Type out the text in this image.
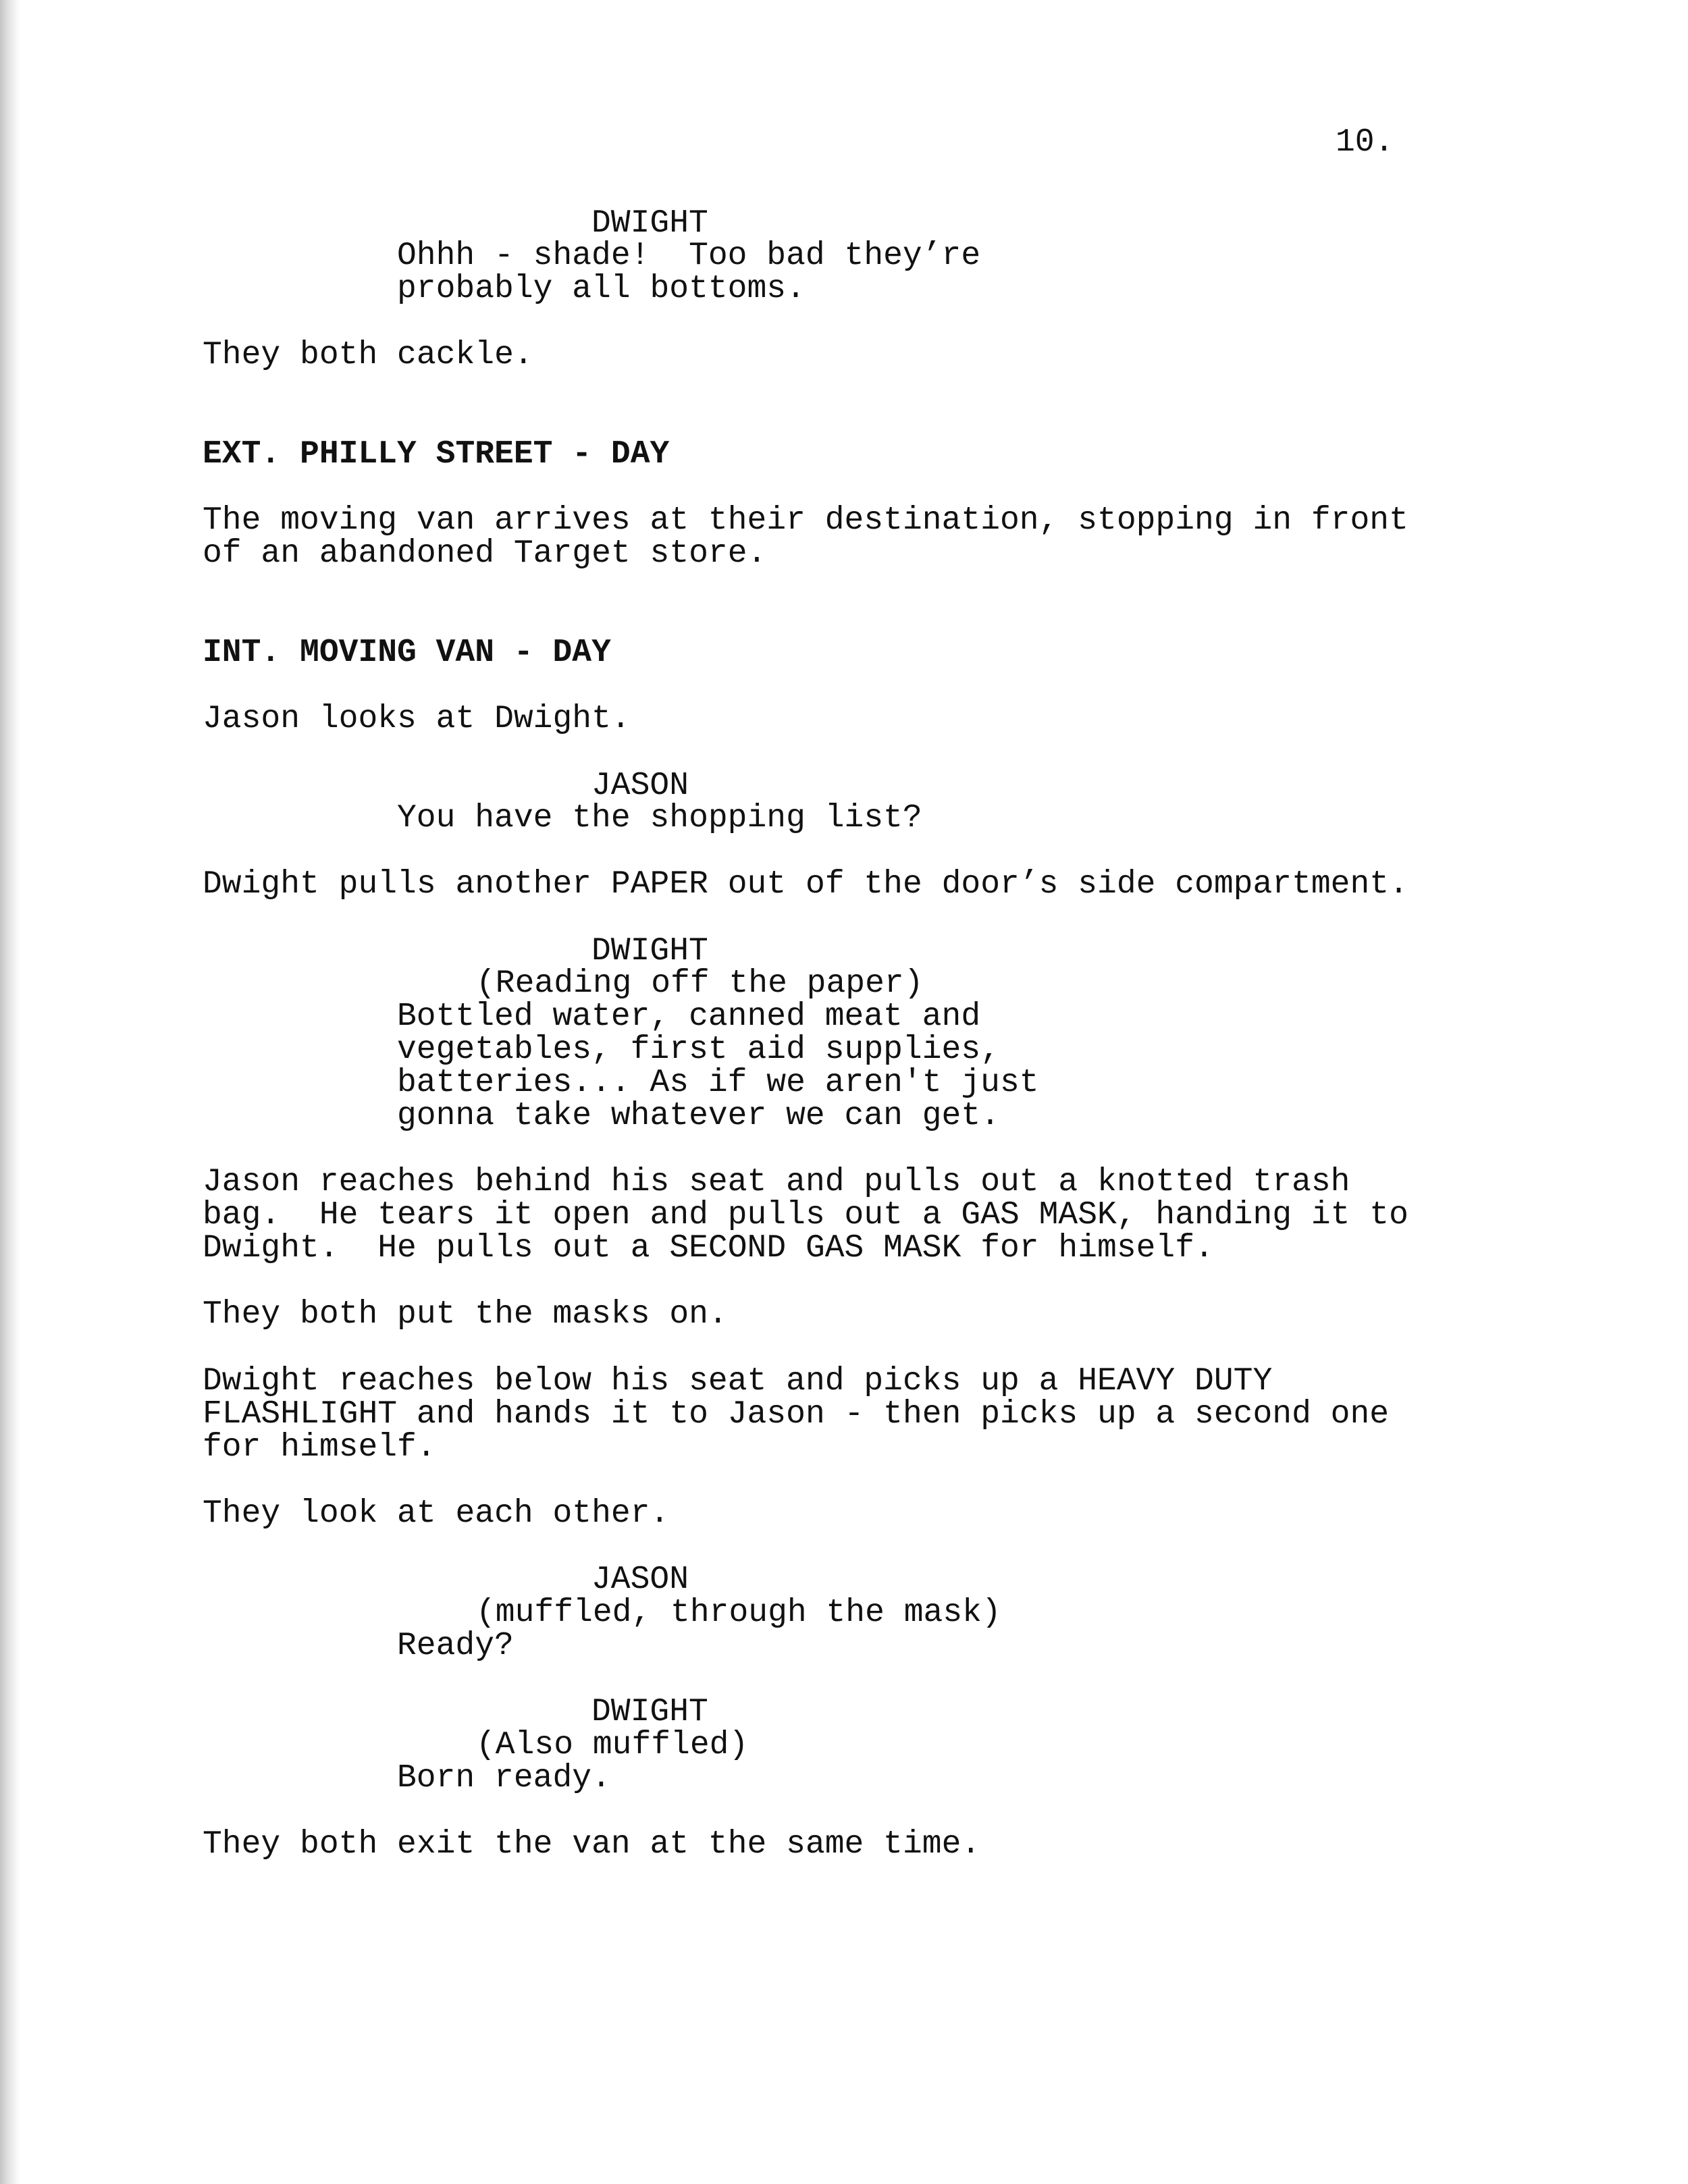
10.

DWIGHT

Ohhh - shade!  Too bad they’re

probably all bottoms.

They both cackle.

EXT. PHILLY STREET - DAY

The moving van arrives at their destination, stopping in front

of an abandoned Target store.

INT. MOVING VAN - DAY

Jason looks at Dwight.

JASON

You have the shopping list?

Dwight pulls another PAPER out of the door’s side compartment.

DWIGHT

(Reading off the paper)

Bottled water, canned meat and

vegetables, first aid supplies,

batteries... As if we aren't just

gonna take whatever we can get.

Jason reaches behind his seat and pulls out a knotted trash

bag.  He tears it open and pulls out a GAS MASK, handing it to

Dwight.  He pulls out a SECOND GAS MASK for himself.

They both put the masks on.

Dwight reaches below his seat and picks up a HEAVY DUTY

FLASHLIGHT and hands it to Jason - then picks up a second one

for himself.

They look at each other.

JASON

(muffled, through the mask)

Ready?

DWIGHT

(Also muffled)

Born ready.

They both exit the van at the same time.
